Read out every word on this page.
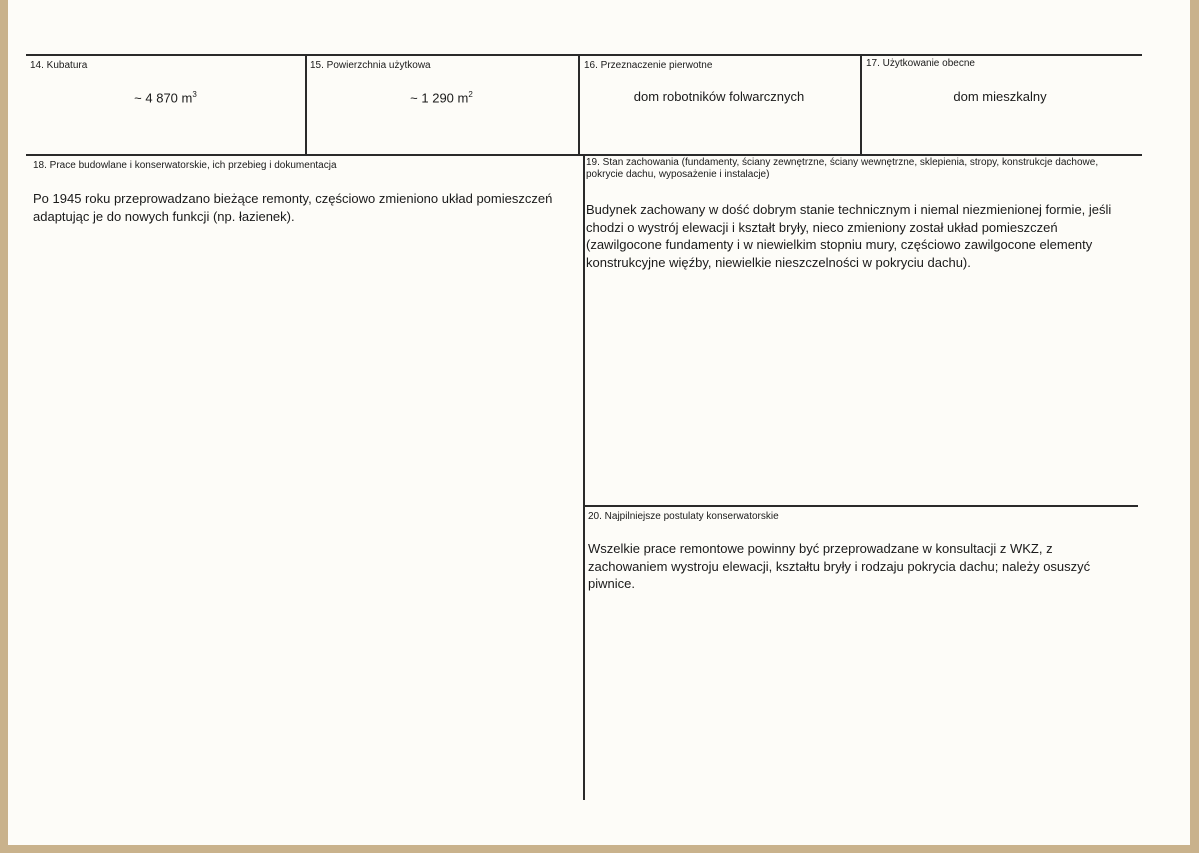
14. Kubatura
~ 4 870 $m^3$
15. Powierzchnia użytkowa
~ 1 290 $m^2$
16. Przeznaczenie pierwotne
dom robotników folwarcznych
17. Użytkowanie obecne
dom mieszkalny
18. Prace budowlane i konserwatorskie, ich przebieg i dokumentacja
Po 1945 roku przeprowadzano bieżące remonty, częściowo zmieniono układ pomieszczeń adaptując je do nowych funkcji (np. łazienek).
19. Stan zachowania (fundamenty, ściany zewnętrzne, ściany wewnętrzne, sklepienia, stropy, konstrukcje dachowe, pokrycie dachu, wyposażenie i instalacje)
Budynek zachowany w dość dobrym stanie technicznym i niemal niezmienionej formie, jeśli chodzi o wystrój elewacji i kształt bryły, nieco zmieniony został układ pomieszczeń (zawilgocone fundamenty i w niewielkim stopniu mury, częściowo zawilgocone elementy konstrukcyjne więźby, niewielkie nieszczelności w pokryciu dachu).
20. Najpilniejsze postulaty konserwatorskie
Wszelkie prace remontowe powinny być przeprowadzane w konsultacji z WKZ, z zachowaniem wystroju elewacji, kształtu bryły i rodzaju pokrycia dachu; należy osuszyć piwnice.
